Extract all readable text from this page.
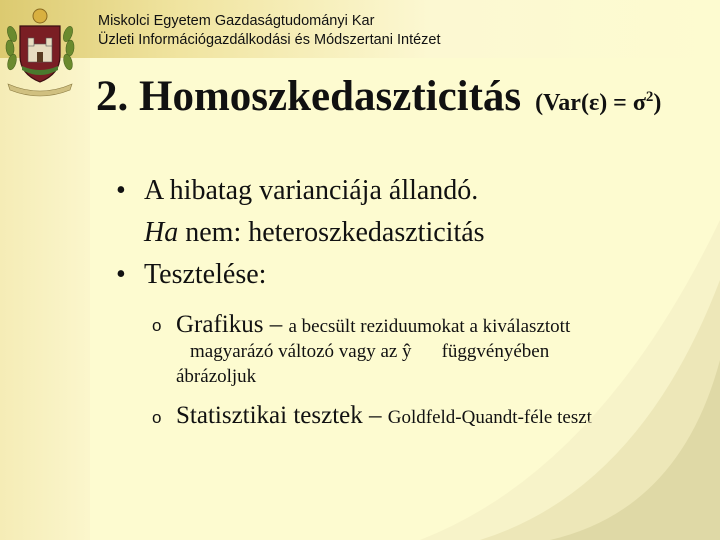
Miskolci Egyetem Gazdaságtudományi Kar
Üzleti Információgazdálkodási és Módszertani Intézet
2. Homoszkedaszticitás $(Var(\varepsilon) = \sigma^2)$
• A hibatag varianciája állandó.
Ha nem: heteroszkedaszticitás
• Tesztelése:
o Grafikus – a becsült reziduumokat a kiválasztott
magyarázó változó vagy az ŷ függvényében
ábrázoljuk
o Statisztikai tesztek – Goldfeld-Quandt-féle teszt
